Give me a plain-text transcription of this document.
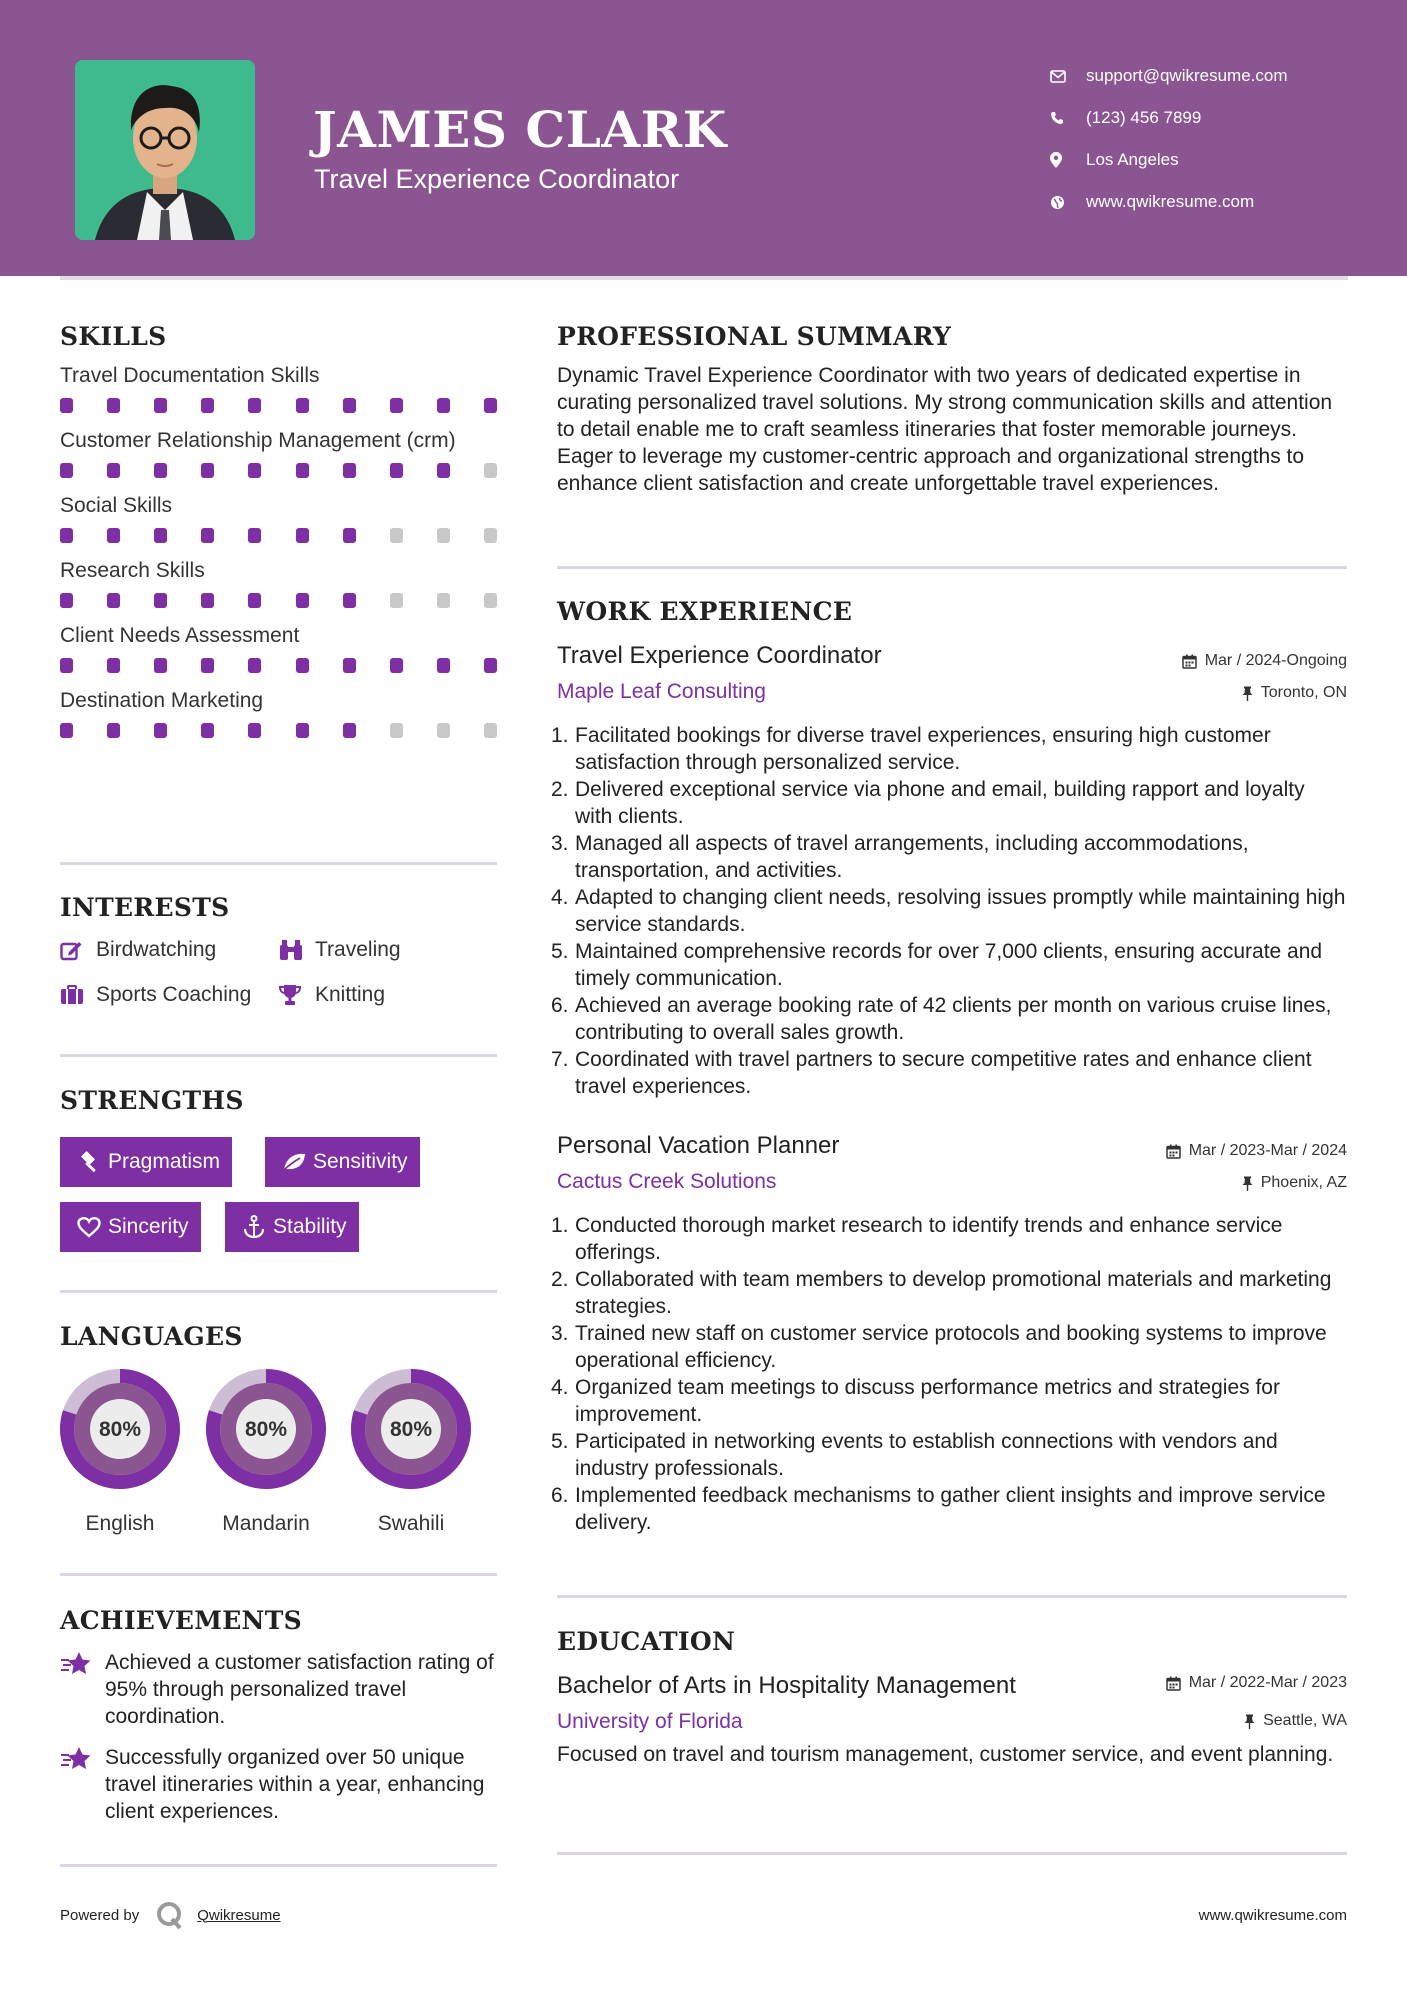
JAMES CLARK
Travel Experience Coordinator
support@qwikresume.com
(123) 456 7899
Los Angeles
www.qwikresume.com
SKILLS
Travel Documentation Skills
Customer Relationship Management (crm)
Social Skills
Research Skills
Client Needs Assessment
Destination Marketing
INTERESTS
Birdwatching	Traveling
Sports Coaching	Knitting
STRENGTHS
Pragmatism	Sensitivity
Sincerity	Stability
LANGUAGES
80%
English
80%
Mandarin
80%
Swahili
ACHIEVEMENTS
Achieved a customer satisfaction rating of 95% through personalized travel coordination.
Successfully organized over 50 unique travel itineraries within a year, enhancing client experiences.
PROFESSIONAL SUMMARY
Dynamic Travel Experience Coordinator with two years of dedicated expertise in curating personalized travel solutions. My strong communication skills and attention to detail enable me to craft seamless itineraries that foster memorable journeys. Eager to leverage my customer-centric approach and organizational strengths to enhance client satisfaction and create unforgettable travel experiences.
WORK EXPERIENCE
Travel Experience Coordinator
Maple Leaf Consulting
Mar / 2024-Ongoing
Toronto, ON
1. Facilitated bookings for diverse travel experiences, ensuring high customer satisfaction through personalized service.
2. Delivered exceptional service via phone and email, building rapport and loyalty with clients.
3. Managed all aspects of travel arrangements, including accommodations, transportation, and activities.
4. Adapted to changing client needs, resolving issues promptly while maintaining high service standards.
5. Maintained comprehensive records for over 7,000 clients, ensuring accurate and timely communication.
6. Achieved an average booking rate of 42 clients per month on various cruise lines, contributing to overall sales growth.
7. Coordinated with travel partners to secure competitive rates and enhance client travel experiences.
Personal Vacation Planner
Cactus Creek Solutions
Mar / 2023-Mar / 2024
Phoenix, AZ
1. Conducted thorough market research to identify trends and enhance service offerings.
2. Collaborated with team members to develop promotional materials and marketing strategies.
3. Trained new staff on customer service protocols and booking systems to improve operational efficiency.
4. Organized team meetings to discuss performance metrics and strategies for improvement.
5. Participated in networking events to establish connections with vendors and industry professionals.
6. Implemented feedback mechanisms to gather client insights and improve service delivery.
EDUCATION
Bachelor of Arts in Hospitality Management
University of Florida
Focused on travel and tourism management, customer service, and event planning.
Mar / 2022-Mar / 2023
Seattle, WA
Powered by	Qwikresume	www.qwikresume.com
